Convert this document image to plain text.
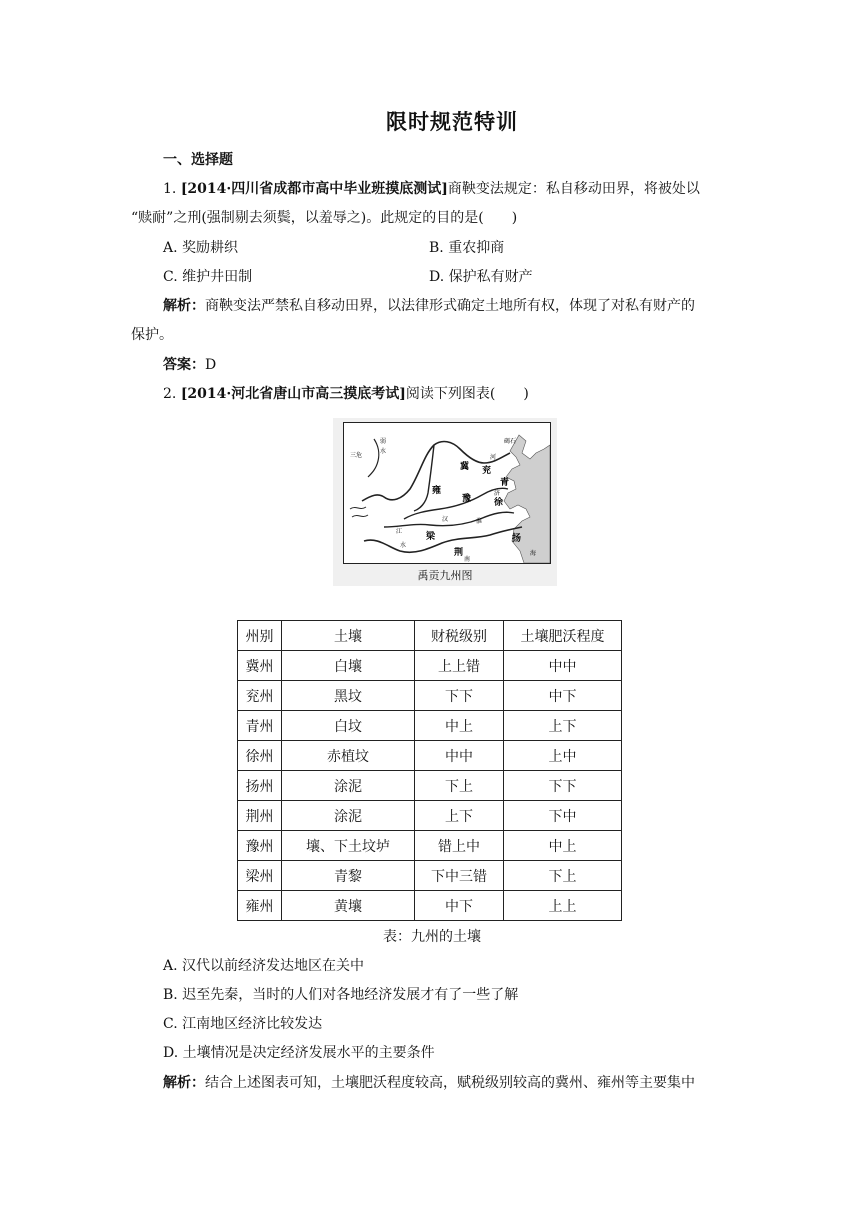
限时规范特训
一、选择题
1. [2014·四川省成都市高中毕业班摸底测试]商鞅变法规定：私自移动田界，将被处以
“赎耐”之刑(强制剔去须鬓，以羞辱之)。此规定的目的是(　　)
A. 奖励耕织	B. 重农抑商
C. 维护井田制	D. 保护私有财产
解析：商鞅变法严禁私自移动田界，以法律形式确定土地所有权，体现了对私有财产的
保护。
答案：D
2. [2014·河北省唐山市高三摸底考试]阅读下列图表(　　)
三危
弱
水
碣石
冀 兖
青
雍
豫	徐
扬
梁
荆
江
水
河
济
淮
汉
南
海
禹贡九州图
州别	土壤	财税级别	土壤肥沃程度
冀州	白壤	上上错	中中
兖州	黑坟	下下	中下
青州	白坟	中上	上下
徐州	赤植坟	中中	上中
扬州	涂泥	下上	下下
荆州	涂泥	上下	下中
豫州	壤、下土坟垆	错上中	中上
梁州	青黎	下中三错	下上
雍州	黄壤	中下	上上
表：九州的土壤
A. 汉代以前经济发达地区在关中
B. 迟至先秦，当时的人们对各地经济发展才有了一些了解
C. 江南地区经济比较发达
D. 土壤情况是决定经济发展水平的主要条件
解析：结合上述图表可知，土壤肥沃程度较高，赋税级别较高的冀州、雍州等主要集中
